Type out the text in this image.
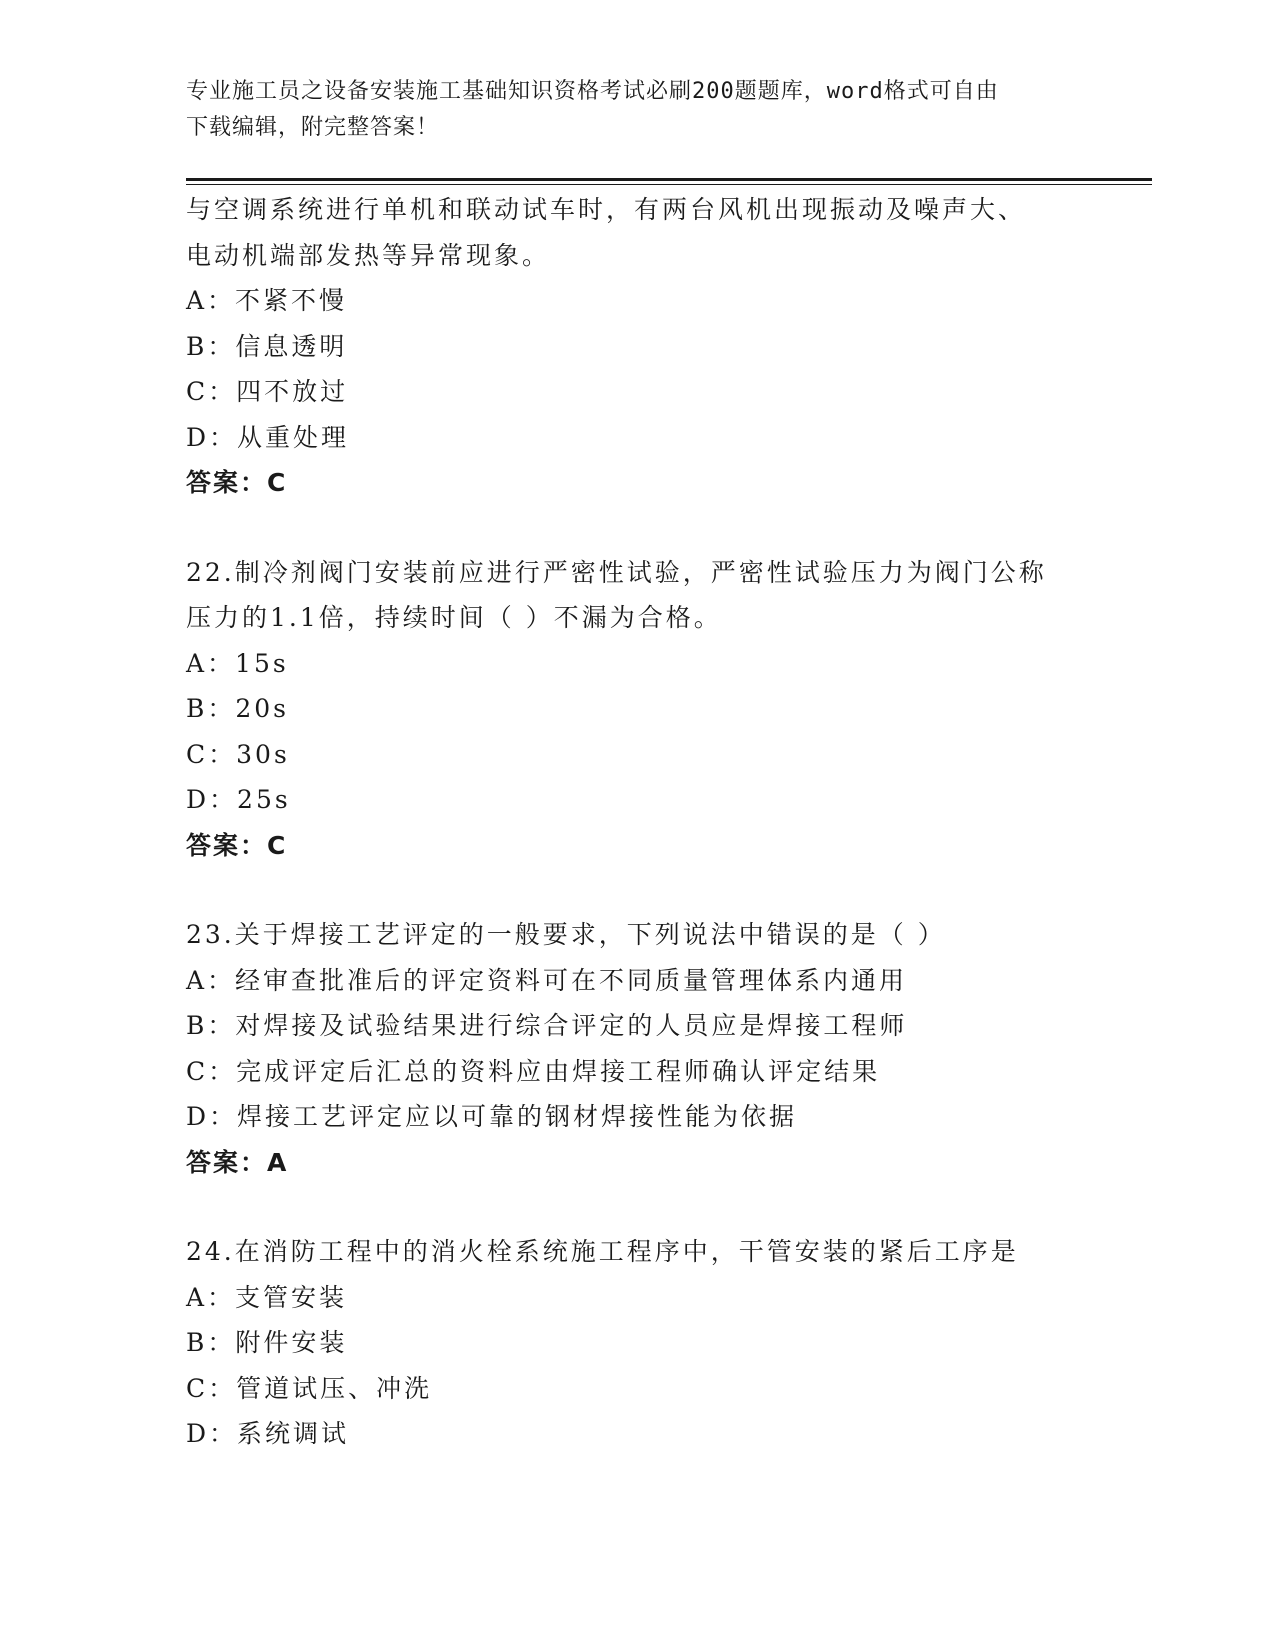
专业施工员之设备安装施工基础知识资格考试必刷200题题库，word格式可自由
下载编辑，附完整答案！
与空调系统进行单机和联动试车时，有两台风机出现振动及噪声大、
电动机端部发热等异常现象。
A：不紧不慢
B：信息透明
C：四不放过
D：从重处理
答案：C
22.制冷剂阀门安装前应进行严密性试验，严密性试验压力为阀门公称
压力的1.1倍，持续时间（ ）不漏为合格。
A：15s
B：20s
C：30s
D：25s
答案：C
23.关于焊接工艺评定的一般要求，下列说法中错误的是（ ）
A：经审查批准后的评定资料可在不同质量管理体系内通用
B：对焊接及试验结果进行综合评定的人员应是焊接工程师
C：完成评定后汇总的资料应由焊接工程师确认评定结果
D：焊接工艺评定应以可靠的钢材焊接性能为依据
答案：A
24.在消防工程中的消火栓系统施工程序中，干管安装的紧后工序是
A：支管安装
B：附件安装
C：管道试压、冲洗
D：系统调试
